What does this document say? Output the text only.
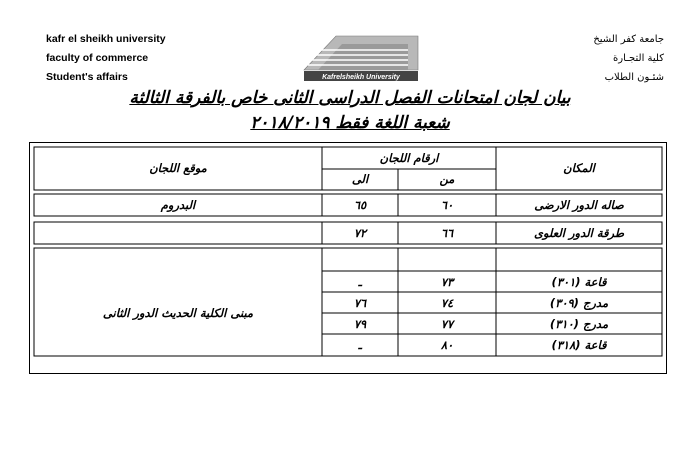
kafr el sheikh university
faculty of commerce
Student's affairs
جامعة كفر الشيخ
كلية التجـارة
شئـون الطلاب
Kafrelsheikh University
بيان لجان امتحانات الفصل الدراسى الثانى خاص بالفرقة الثالثة
شعبة اللغة فقط ٢٠١٨/٢٠١٩
المكان
ارقام اللجان
من
الى
موقع اللجان
صاله الدور الارضى
٦٠
٦٥
البدروم
طرقة الدور العلوى
٦٦
٧٢
مبنى الكلية الحديث الدور الثانى
قاعة (٣٠١)
٧٣
ـ
مدرج (٣٠٩)
٧٤
٧٦
مدرج (٣١٠)
٧٧
٧٩
قاعة (٣١٨)
٨٠
ـ
